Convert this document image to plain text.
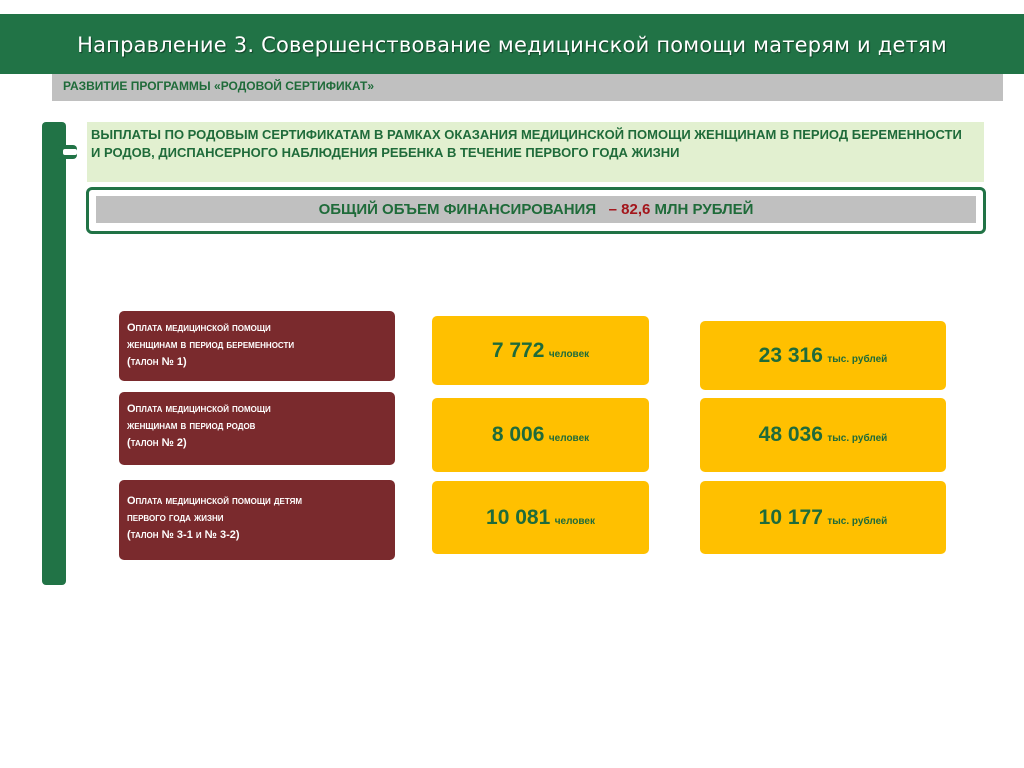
Направление 3. Совершенствование медицинской помощи матерям и детям
РАЗВИТИЕ ПРОГРАММЫ «РОДОВОЙ СЕРТИФИКАТ»
ВЫПЛАТЫ ПО РОДОВЫМ СЕРТИФИКАТАМ В РАМКАХ ОКАЗАНИЯ МЕДИЦИНСКОЙ ПОМОЩИ ЖЕНЩИНАМ В ПЕРИОД БЕРЕМЕННОСТИ И РОДОВ, ДИСПАНСЕРНОГО НАБЛЮДЕНИЯ РЕБЕНКА В ТЕЧЕНИЕ ПЕРВОГО ГОДА ЖИЗНИ
ОБЩИЙ ОБЪЕМ ФИНАНСИРОВАНИЯ – 82,6 МЛН РУБЛЕЙ
Оплата медицинской помощи
женщинам в период беременности
(талон № 1)	7 772 человек	23 316 тыс. рублей
Оплата медицинской помощи
женщинам в период родов
(талон № 2)	8 006 человек	48 036 тыс. рублей
Оплата медицинской помощи детям
первого года жизни
(талон № 3-1 и № 3-2)
10 081 человек	10 177 тыс. рублей
